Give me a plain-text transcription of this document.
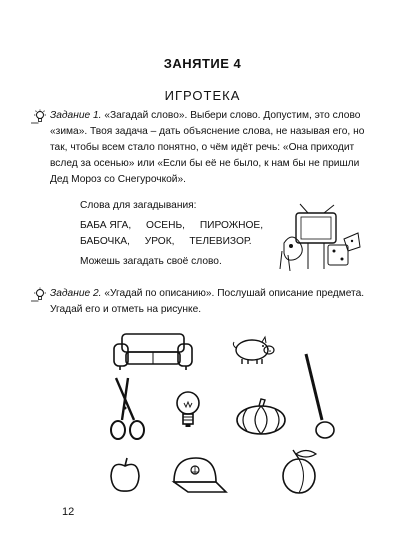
ЗАНЯТИЕ 4
ИГРОТЕКА
Задание 1. «Загадай слово». Выбери слово. Допустим, это слово «зима». Твоя задача – дать объяснение слова, не называя его, но так, чтобы всем стало понятно, о чём идёт речь: «Она приходит вслед за осенью» или «Если бы её не было, к нам бы не пришли Дед Мороз со Снегурочкой».
Слова для загадывания:
БАБА ЯГА, ОСЕНЬ, ПИРОЖНОЕ,
БАБОЧКА, УРОК, ТЕЛЕВИЗОР.
Можешь загадать своё слово.
Задание 2. «Угадай по описанию». Послушай описание предмета. Угадай его и отметь на рисунке.
12
